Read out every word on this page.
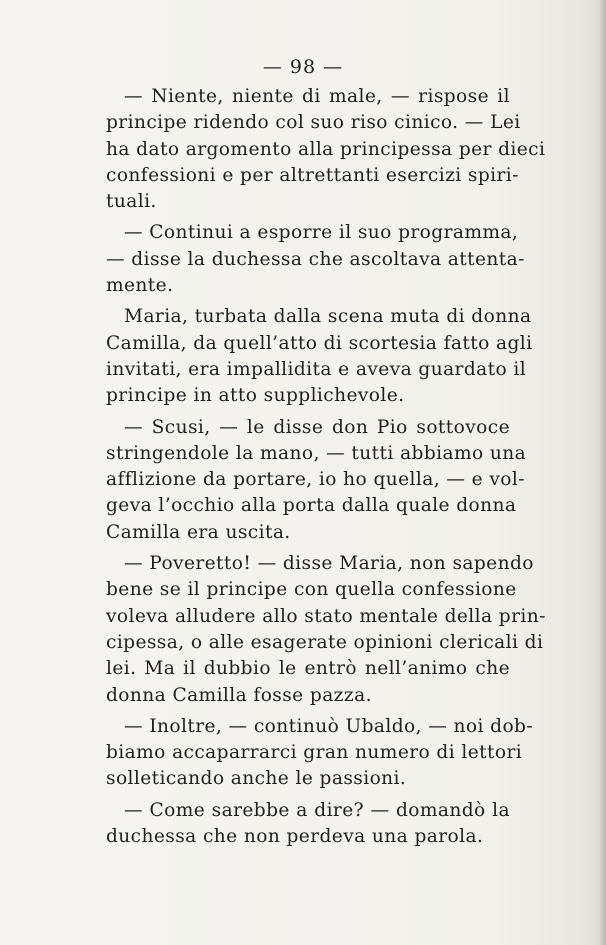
— 98 —
— Niente, niente di male, — rispose il
principe ridendo col suo riso cinico. — Lei
ha dato argomento alla principessa per dieci
confessioni e per altrettanti esercizi spiri-
tuali.
— Continui a esporre il suo programma,
— disse la duchessa che ascoltava attenta-
mente.
Maria, turbata dalla scena muta di donna
Camilla, da quell’atto di scortesia fatto agli
invitati, era impallidita e aveva guardato il
principe in atto supplichevole.
— Scusi, — le disse don Pio sottovoce
stringendole la mano, — tutti abbiamo una
afflizione da portare, io ho quella, — e vol-
geva l’occhio alla porta dalla quale donna
Camilla era uscita.
— Poveretto! — disse Maria, non sapendo
bene se il principe con quella confessione
voleva alludere allo stato mentale della prin-
cipessa, o alle esagerate opinioni clericali di
lei. Ma il dubbio le entrò nell’animo che
donna Camilla fosse pazza.
— Inoltre, — continuò Ubaldo, — noi dob-
biamo accaparrarci gran numero di lettori
solleticando anche le passioni.
— Come sarebbe a dire? — domandò la
duchessa che non perdeva una parola.
